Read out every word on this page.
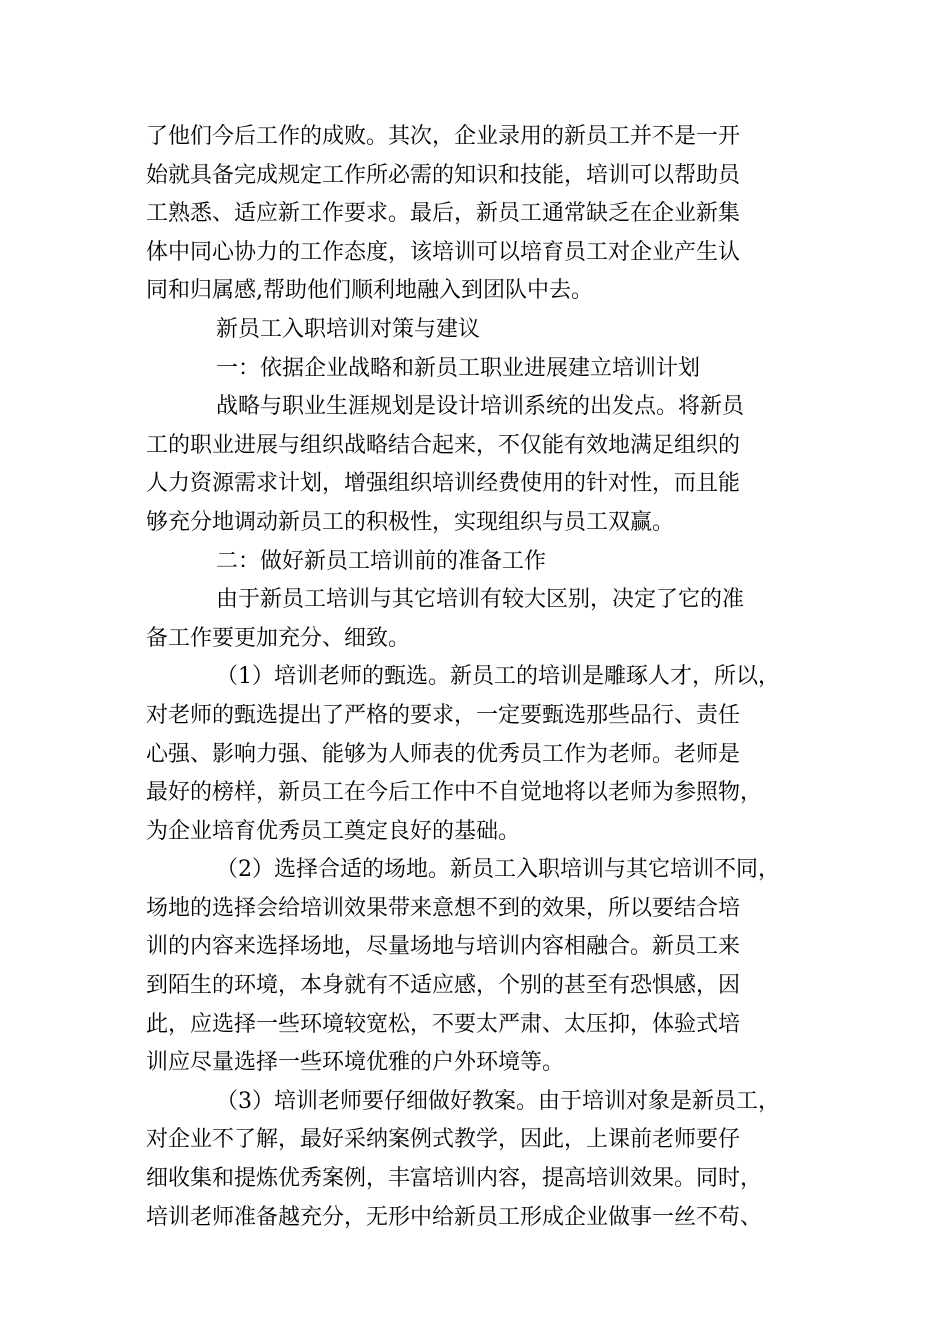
了他们今后工作的成败。其次，企业录用的新员工并不是一开
始就具备完成规定工作所必需的知识和技能，培训可以帮助员
工熟悉、适应新工作要求。最后，新员工通常缺乏在企业新集
体中同心协力的工作态度，该培训可以培育员工对企业产生认
同和归属感,帮助他们顺利地融入到团队中去。
新员工入职培训对策与建议
一：依据企业战略和新员工职业进展建立培训计划
战略与职业生涯规划是设计培训系统的出发点。将新员
工的职业进展与组织战略结合起来，不仅能有效地满足组织的
人力资源需求计划，增强组织培训经费使用的针对性，而且能
够充分地调动新员工的积极性，实现组织与员工双赢。
二：做好新员工培训前的准备工作
由于新员工培训与其它培训有较大区别，决定了它的准
备工作要更加充分、细致。
（1）培训老师的甄选。新员工的培训是雕琢人才，所以，
对老师的甄选提出了严格的要求，一定要甄选那些品行、责任
心强、影响力强、能够为人师表的优秀员工作为老师。老师是
最好的榜样，新员工在今后工作中不自觉地将以老师为参照物，
为企业培育优秀员工奠定良好的基础。
（2）选择合适的场地。新员工入职培训与其它培训不同，
场地的选择会给培训效果带来意想不到的效果，所以要结合培
训的内容来选择场地，尽量场地与培训内容相融合。新员工来
到陌生的环境，本身就有不适应感，个别的甚至有恐惧感，因
此，应选择一些环境较宽松，不要太严肃、太压抑，体验式培
训应尽量选择一些环境优雅的户外环境等。
（3）培训老师要仔细做好教案。由于培训对象是新员工，
对企业不了解，最好采纳案例式教学，因此，上课前老师要仔
细收集和提炼优秀案例，丰富培训内容，提高培训效果。同时，
培训老师准备越充分，无形中给新员工形成企业做事一丝不苟、
